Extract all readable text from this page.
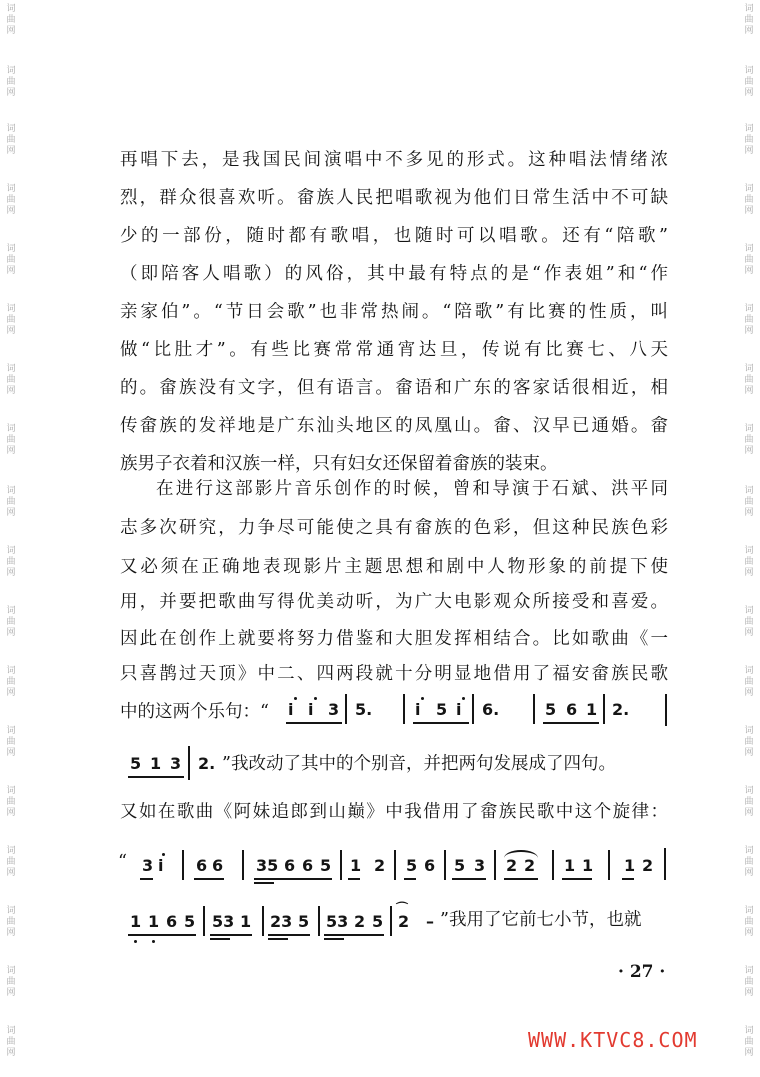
词
曲
网
词
曲
网
词
曲
网
词
曲
网
词
曲
网
词
曲
网
词
曲
网
词
曲
网
词
曲
网
词
曲
网
词
曲
网
词
曲
网
词
曲
网
词
曲
网
词
曲
网
词
曲
网
词
曲
网
词
曲
网
词
曲
网
词
曲
网
词
曲
网
词
曲
网
词
曲
网
词
曲
网
词
曲
网
词
曲
网
词
曲
网
词
曲
网
词
曲
网
词
曲
网
词
曲
网
词
曲
网
词
曲
网
词
曲
网
词
曲
网
词
曲
网
再唱下去，是我国民间演唱中不多见的形式。这种唱法情绪浓
烈，群众很喜欢听。畲族人民把唱歌视为他们日常生活中不可缺
少的一部份，随时都有歌唱，也随时可以唱歌。还有“陪歌”
（即陪客人唱歌）的风俗，其中最有特点的是“作表姐”和“作
亲家伯”。“节日会歌”也非常热闹。“陪歌”有比赛的性质，叫
做“比肚才”。有些比赛常常通宵达旦，传说有比赛七、八天
的。畲族没有文字，但有语言。畲语和广东的客家话很相近，相
传畲族的发祥地是广东汕头地区的凤凰山。畲、汉早已通婚。畲
族男子衣着和汉族一样，只有妇女还保留着畲族的装束。
在进行这部影片音乐创作的时候，曾和导演于石斌、洪平同
志多次研究，力争尽可能使之具有畲族的色彩，但这种民族色彩
又必须在正确地表现影片主题思想和剧中人物形象的前提下使
用，并要把歌曲写得优美动听，为广大电影观众所接受和喜爱。
因此在创作上就要将努力借鉴和大胆发挥相结合。比如歌曲《一
只喜鹊过天顶》中二、四两段就十分明显地借用了福安畲族民歌
中的这两个乐句：“ i i 3 5.	i 5 i 6.	5 6 1 2.
5 1 3 2. ”我改动了其中的个别音，并把两句发展成了四句。
又如在歌曲《阿妹追郎到山巅》中我借用了畲族民歌中这个旋律：
“ 3 i 6 6 35 6 6 5 1 2 5 6 5 3 2 2 1 1 1 2
1 1 6 5 53 1 23 5 53 2 5 2
⌒
– ”我用了它前七小节，也就
· 27 ·
WWW.KTVC8.COM
